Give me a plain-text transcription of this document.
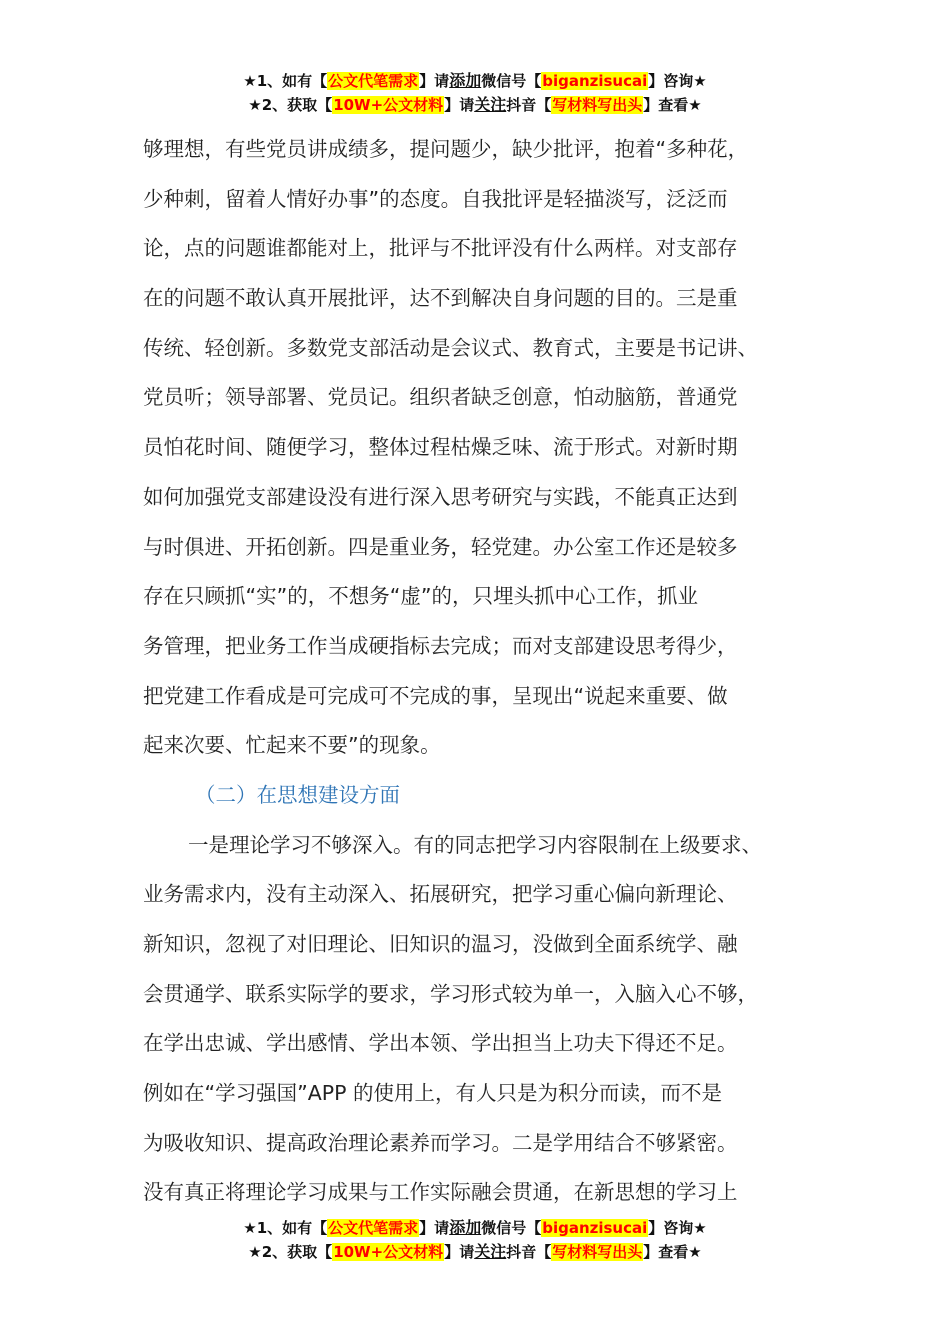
★1、如有【公文代笔需求】请添加微信号【biganzisucai】咨询★
★2、获取【10W+公文材料】请关注抖音【写材料写出头】查看★
够理想，有些党员讲成绩多，提问题少，缺少批评，抱着“多种花，
少种刺，留着人情好办事”的态度。自我批评是轻描淡写，泛泛而
论，点的问题谁都能对上，批评与不批评没有什么两样。对支部存
在的问题不敢认真开展批评，达不到解决自身问题的目的。三是重
传统、轻创新。多数党支部活动是会议式、教育式，主要是书记讲、
党员听；领导部署、党员记。组织者缺乏创意，怕动脑筋，普通党
员怕花时间、随便学习，整体过程枯燥乏味、流于形式。对新时期
如何加强党支部建设没有进行深入思考研究与实践，不能真正达到
与时俱进、开拓创新。四是重业务，轻党建。办公室工作还是较多
存在只顾抓“实”的，不想务“虚”的，只埋头抓中心工作，抓业
务管理，把业务工作当成硬指标去完成；而对支部建设思考得少，
把党建工作看成是可完成可不完成的事，呈现出“说起来重要、做
起来次要、忙起来不要”的现象。
（二）在思想建设方面
一是理论学习不够深入。有的同志把学习内容限制在上级要求、
业务需求内，没有主动深入、拓展研究，把学习重心偏向新理论、
新知识，忽视了对旧理论、旧知识的温习，没做到全面系统学、融
会贯通学、联系实际学的要求，学习形式较为单一，入脑入心不够，
在学出忠诚、学出感情、学出本领、学出担当上功夫下得还不足。
例如在“学习强国”APP 的使用上，有人只是为积分而读，而不是
为吸收知识、提高政治理论素养而学习。二是学用结合不够紧密。
没有真正将理论学习成果与工作实际融会贯通，在新思想的学习上
★1、如有【公文代笔需求】请添加微信号【biganzisucai】咨询★
★2、获取【10W+公文材料】请关注抖音【写材料写出头】查看★
